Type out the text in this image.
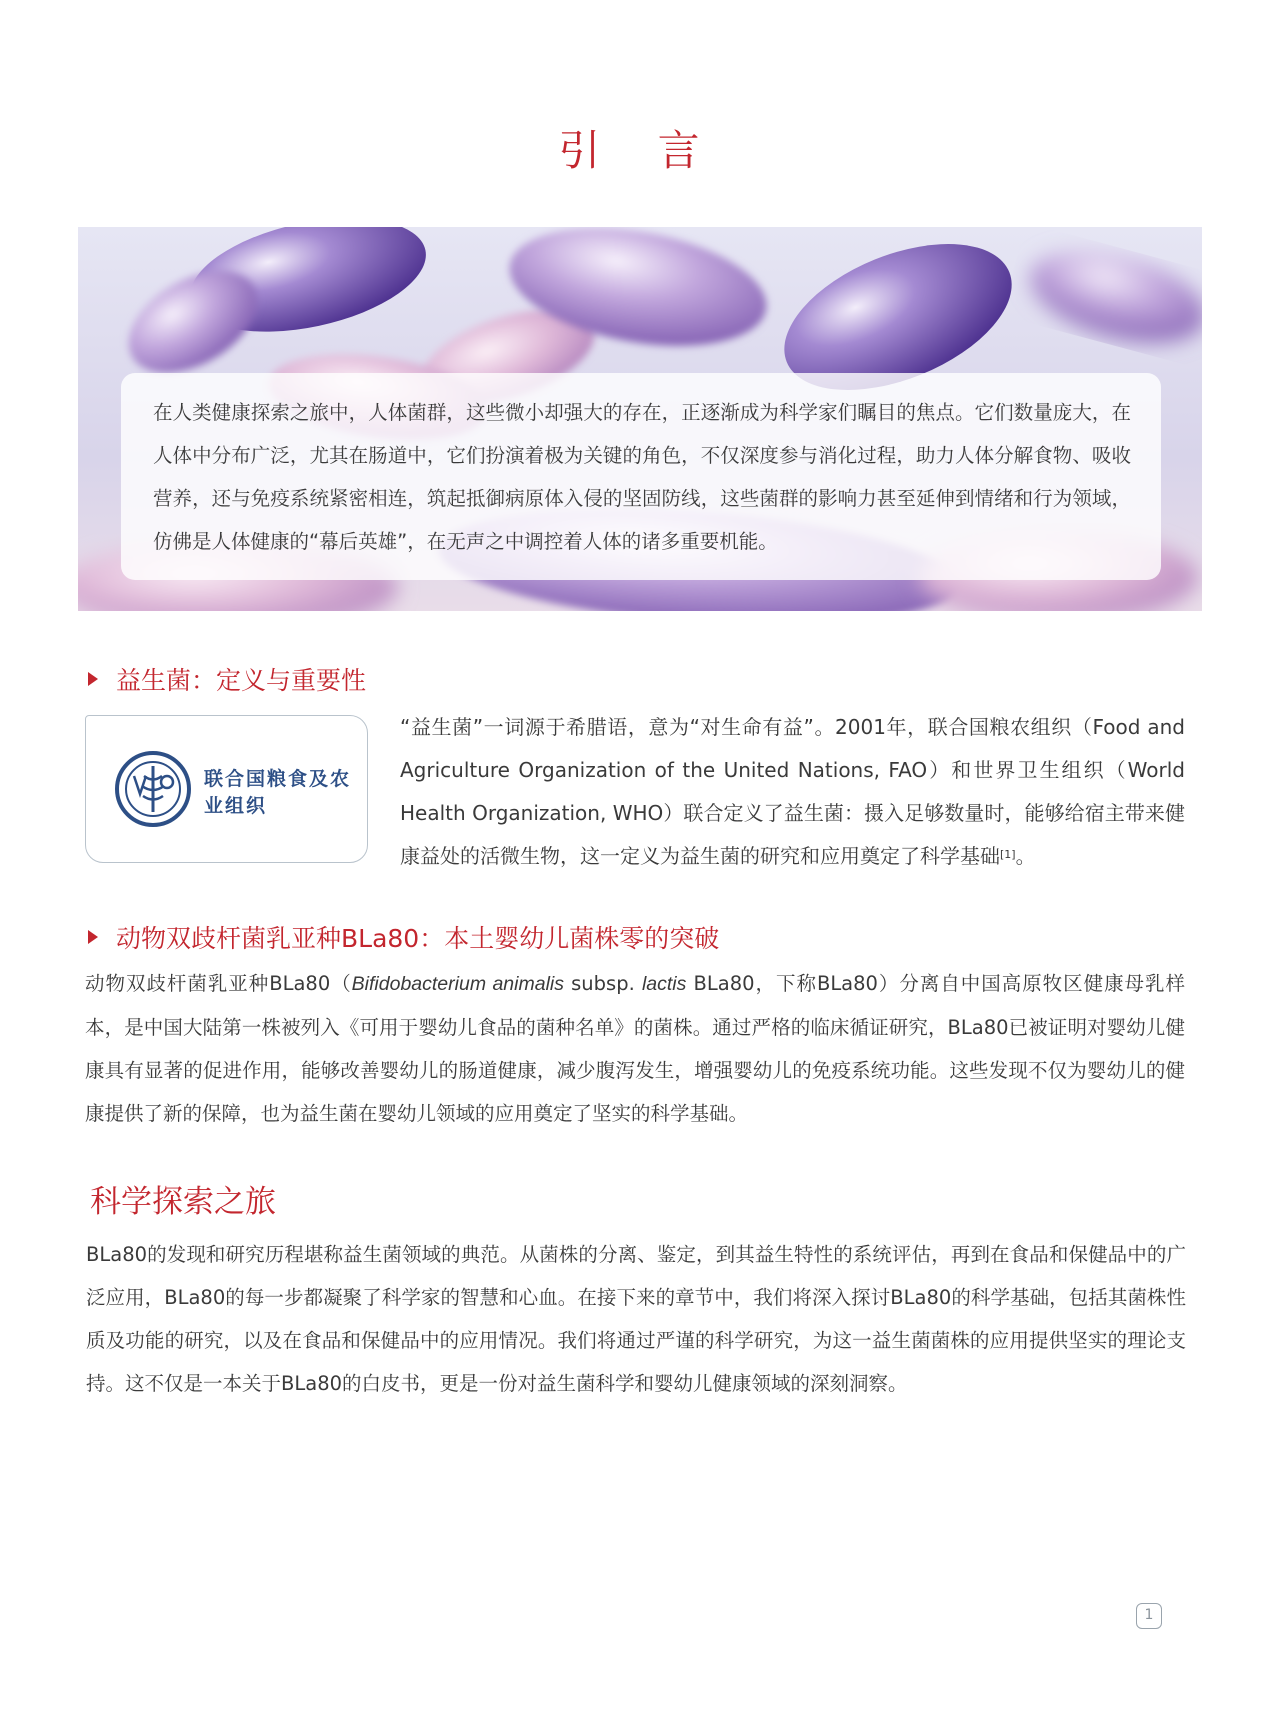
引 言

在人类健康探索之旅中，人体菌群，这些微小却强大的存在，正逐渐成为科学家们瞩目的焦点。它们数量庞大，在人体中分布广泛，尤其在肠道中，它们扮演着极为关键的角色，不仅深度参与消化过程，助力人体分解食物、吸收营养，还与免疫系统紧密相连，筑起抵御病原体入侵的坚固防线，这些菌群的影响力甚至延伸到情绪和行为领域，仿佛是人体健康的“幕后英雄”，在无声之中调控着人体的诸多重要机能。

益生菌：定义与重要性
联合国粮食及农业组织

“益生菌”一词源于希腊语，意为“对生命有益”。2001年，联合国粮农组织（Food and Agriculture Organization of the United Nations, FAO）和世界卫生组织（World Health Organization, WHO）联合定义了益生菌：摄入足够数量时，能够给宿主带来健康益处的活微生物，这一定义为益生菌的研究和应用奠定了科学基础[1]。

动物双歧杆菌乳亚种BLa80：本土婴幼儿菌株零的突破

动物双歧杆菌乳亚种BLa80（Bifidobacterium animalis subsp. lactis BLa80，下称BLa80）分离自中国高原牧区健康母乳样本，是中国大陆第一株被列入《可用于婴幼儿食品的菌种名单》的菌株。通过严格的临床循证研究，BLa80已被证明对婴幼儿健康具有显著的促进作用，能够改善婴幼儿的肠道健康，减少腹泻发生，增强婴幼儿的免疫系统功能。这些发现不仅为婴幼儿的健康提供了新的保障，也为益生菌在婴幼儿领域的应用奠定了坚实的科学基础。

科学探索之旅

BLa80的发现和研究历程堪称益生菌领域的典范。从菌株的分离、鉴定，到其益生特性的系统评估，再到在食品和保健品中的广泛应用，BLa80的每一步都凝聚了科学家的智慧和心血。在接下来的章节中，我们将深入探讨BLa80的科学基础，包括其菌株性质及功能的研究，以及在食品和保健品中的应用情况。我们将通过严谨的科学研究，为这一益生菌菌株的应用提供坚实的理论支持。这不仅是一本关于BLa80的白皮书，更是一份对益生菌科学和婴幼儿健康领域的深刻洞察。

1
